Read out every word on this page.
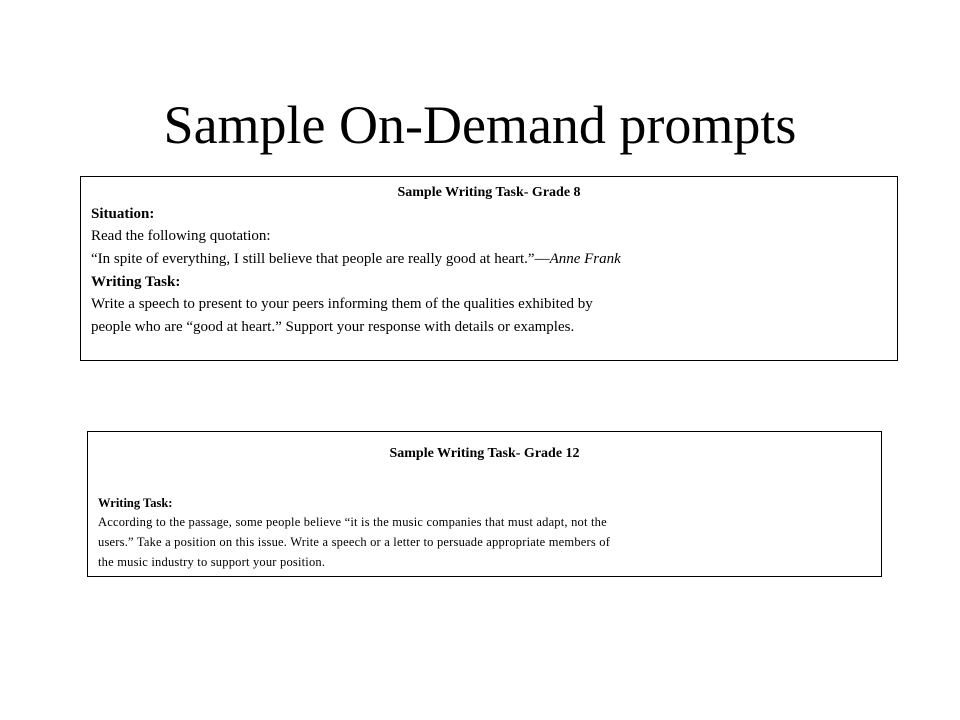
Sample On-Demand prompts
Sample Writing Task- Grade 8
Situation:
Read the following quotation:
“In spite of everything, I still believe that people are really good at heart.”—Anne Frank
Writing Task:
Write a speech to present to your peers informing them of the qualities exhibited by
people who are “good at heart.” Support your response with details or examples.
Sample Writing Task- Grade 12
Writing Task:
According to the passage, some people believe “it is the music companies that must adapt, not the
users.” Take a position on this issue. Write a speech or a letter to persuade appropriate members of
the music industry to support your position.
